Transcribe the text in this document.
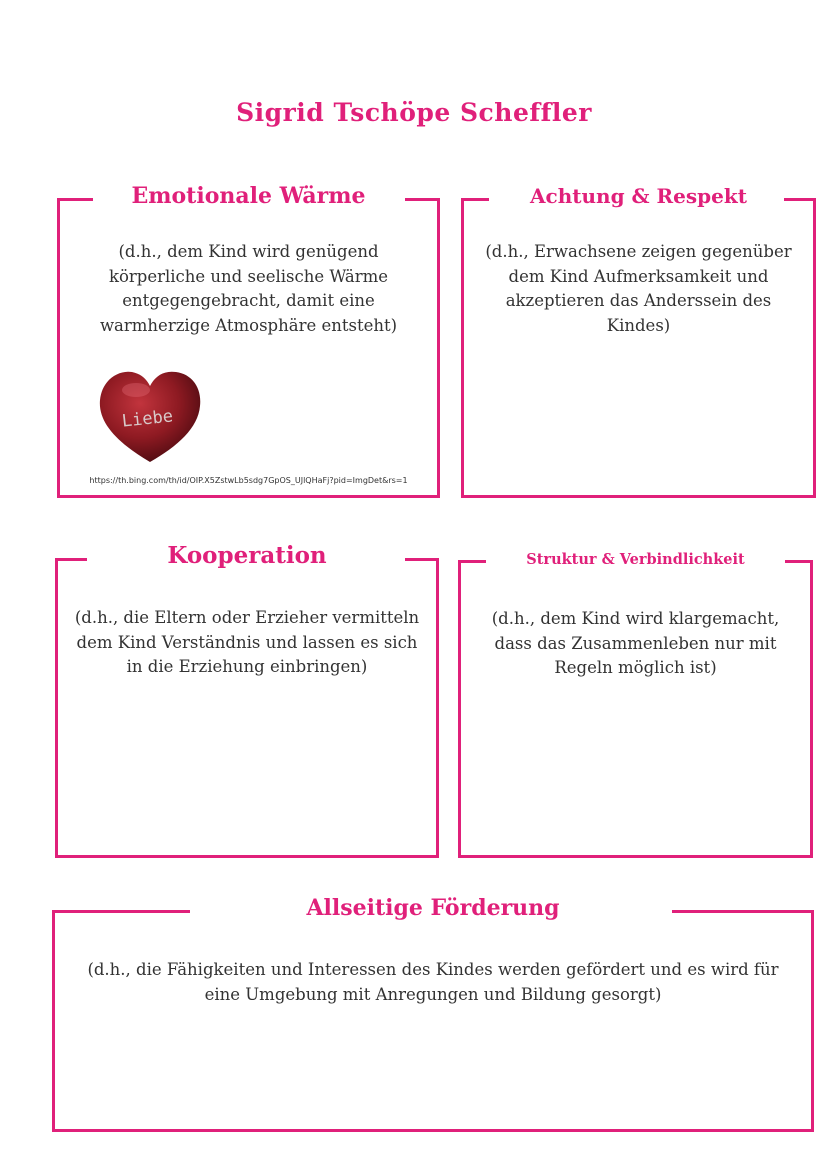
Sigrid Tschöpe Scheffler
Emotionale Wärme
(d.h., dem Kind wird genügend körperliche und seelische Wärme entgegengebracht, damit eine warmherzige Atmosphäre entsteht)
Liebe
https://th.bing.com/th/id/OIP.X5ZstwLb5sdg7GpOS_UJlQHaFj?pid=ImgDet&rs=1
Achtung & Respekt
(d.h., Erwachsene zeigen gegenüber dem Kind Aufmerksamkeit und akzeptieren das Anderssein des Kindes)
Kooperation
(d.h., die Eltern oder Erzieher vermitteln dem Kind Verständnis und lassen es sich in die Erziehung einbringen)
Struktur & Verbindlichkeit
(d.h., dem Kind wird klargemacht, dass das Zusammenleben nur mit Regeln möglich ist)
Allseitige Förderung
(d.h., die Fähigkeiten und Interessen des Kindes werden gefördert und es wird für eine Umgebung mit Anregungen und Bildung gesorgt)
